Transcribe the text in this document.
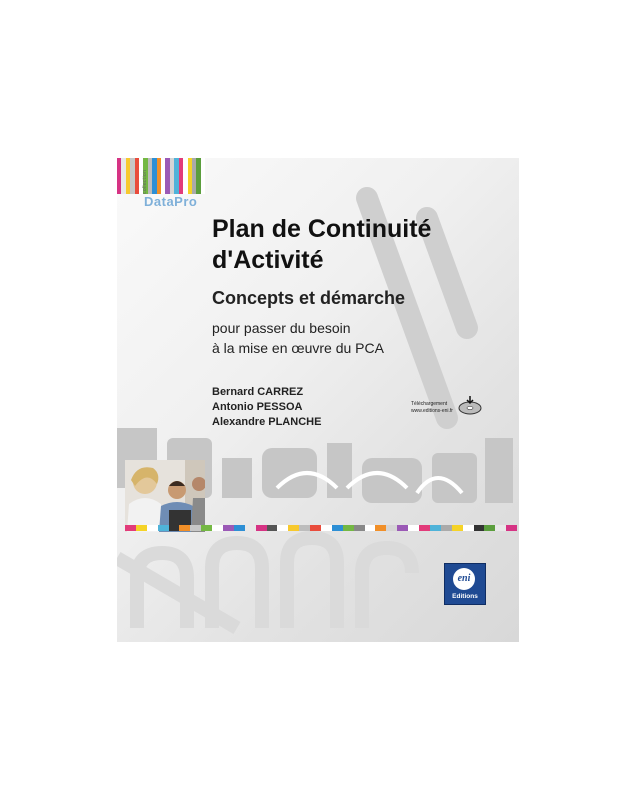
collection
DataPro
Plan de Continuité
d'Activité
Concepts et démarche
pour passer du besoin
à la mise en œuvre du PCA
Bernard CARREZ
Antonio PESSOA
Alexandre PLANCHE
Téléchargement
www.editions-eni.fr
eni
Editions
